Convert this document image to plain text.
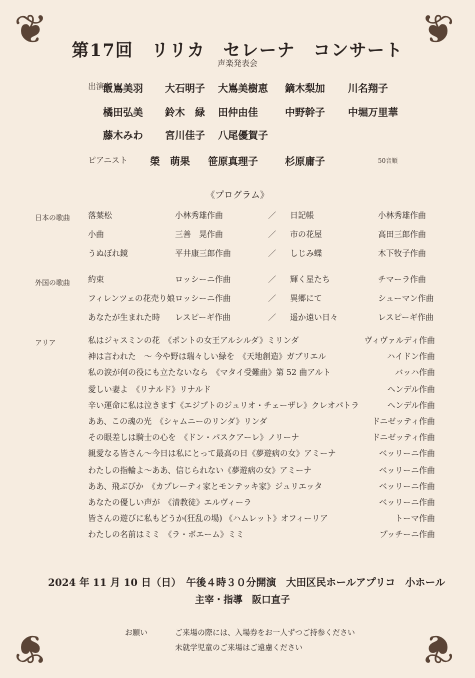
❦	❦
❦	❦
第17回　リリカ　セレーナ　コンサート
声楽発表会
出演者
飯嶌美羽 大石明子 大嶌美樹恵 鏑木梨加 川名翔子
橘田弘美 鈴木　緑 田仲由佳	中野幹子 中堀万里華
藤木みわ 宮川佳子 八尾優賀子
ピアニスト 榮　萌果 笹原真理子	杉原庸子	50音順
《プログラム》
日本の歌曲 落葉松	小林秀雄作曲	／ 日記帳	小林秀雄作曲
小曲	三善　晃作曲	／ 市の花屋	高田三郎作曲
うぬぼれ鏡	平井康三郎作曲	／ しじみ蝶	木下牧子作曲
外国の歌曲 約束	ロッシーニ作曲	／ 輝く星たち	チマーラ作曲
フィレンツェの花売り娘 ロッシーニ作曲	／ 異郷にて	シューマン作曲
あなたが生まれた時 レスピーギ作曲	／ 遥か遠い日々	レスピーギ作曲
アリア	私はジャスミンの花　《ポントの女王アルシルダ》ミリンダ	ヴィヴァルディ作曲
神は言われた　～ 今や野は瑞々しい緑を　《天地創造》ガブリエル	ハイドン作曲
私の涙が何の役にも立たないなら　《マタイ受難曲》第 52 曲アルト	バッハ作曲
愛しい妻よ　《リナルド》リナルド	ヘンデル作曲
辛い運命に私は泣きます《エジプトのジュリオ・チェーザレ》クレオパトラ	ヘンデル作曲
ああ、この魂の光　《シャムニーのリンダ》リンダ	ドニゼッティ作曲
その眼差しは騎士の心を　《ドン・パスクアーレ》ノリーナ	ドニゼッティ作曲
親愛なる皆さん～今日は私にとって最高の日《夢遊病の女》アミーナ	ベッリーニ作曲
わたしの指輪よ～ああ、信じられない《夢遊病の女》アミーナ	ベッリーニ作曲
ああ、飛ぶびか　《カプレーティ家とモンテッキ家》ジュリエッタ	ベッリーニ作曲
あなたの優しい声が　《清教徒》エルヴィーラ	ベッリーニ作曲
皆さんの遊びに私もどうか(狂乱の場) 《ハムレット》オフィーリア	トーマ作曲
わたしの名前はミミ　《ラ・ボエーム》ミミ	プッチーニ作曲
2024 年 11 月 10 日（日）　午後４時３０分開演　大田区民ホールアプリコ　小ホール
主宰・指導　阪口直子
お願い	ご来場の際には、入場券をお一人ずつご持参ください
未就学児童のご来場はご遠慮ください
